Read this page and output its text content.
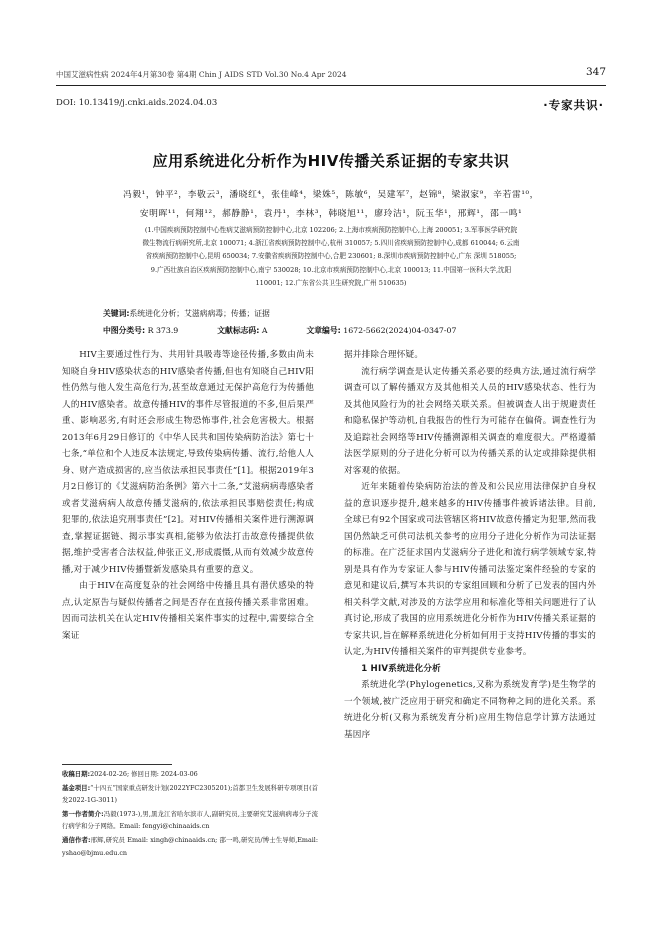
中国艾滋病性病 2024年4月第30卷 第4期 Chin J AIDS STD Vol.30 No.4 Apr 2024	347
DOI: 10.13419/j.cnki.aids.2024.04.03	·专家共识·
应用系统进化分析作为HIV传播关系证据的专家共识
冯毅¹，钟平²，李敬云³，潘晓红⁴，张佳峰⁴，梁姝⁵，陈敏⁶，吴建军⁷，赵锦⁸，梁淑家⁹，辛若雷¹⁰，
安明晖¹¹，何翔¹²，郝静静¹，袁丹¹，李林³，韩晓旭¹¹，廖玲洁¹，阮玉华¹，邢辉¹，邵一鸣¹
(1.中国疾病预防控制中心性病艾滋病预防控制中心,北京 102206; 2.上海市疾病预防控制中心,上海 200051; 3.军事医学研究院
微生物流行病研究所,北京 100071; 4.浙江省疾病预防控制中心,杭州 310057; 5.四川省疾病预防控制中心,成都 610044; 6.云南
省疾病预防控制中心,昆明 650034; 7.安徽省疾病预防控制中心,合肥 230601; 8.深圳市疾病预防控制中心,广东 深圳 518055;
9.广西壮族自治区疾病预防控制中心,南宁 530028; 10.北京市疾病预防控制中心,北京 100013; 11.中国第一医科大学,沈阳
110001; 12.广东省公共卫生研究院,广州 510635)
关键词:系统进化分析；艾滋病病毒；传播；证据
中图分类号: R 373.9	文献标志码: A	文章编号: 1672-5662(2024)04-0347-07

HIV主要通过性行为、共用针具吸毒等途径传播,多数由尚未知晓自身HIV感染状态的HIV感染者传播,但也有知晓自己HIV阳性仍然与他人发生高危行为,甚至故意通过无保护高危行为传播他人的HIV感染者。故意传播HIV的事件尽管报道的不多,但后果严重、影响恶劣,有时还会形成生物恐怖事件,社会危害极大。根据2013年6月29日修订的《中华人民共和国传染病防治法》第七十七条,“单位和个人违反本法规定,导致传染病传播、流行,给他人人身、财产造成损害的,应当依法承担民事责任”[1]。根据2019年3月2日修订的《艾滋病防治条例》第六十二条,“艾滋病病毒感染者或者艾滋病病人故意传播艾滋病的,依法承担民事赔偿责任;构成犯罪的,依法追究刑事责任”[2]。对HIV传播相关案件进行溯源调查,掌握证据链、揭示事实真相,能够为依法打击故意传播提供依据,维护受害者合法权益,伸张正义,形成震慑,从而有效减少故意传播,对于减少HIV传播暨新发感染具有重要的意义。

由于HIV在高度复杂的社会网络中传播且具有潜伏感染的特点,认定原告与疑似传播者之间是否存在直接传播关系非常困难。因而司法机关在认定HIV传播相关案件事实的过程中,需要综合全案证

据并排除合理怀疑。

流行病学调查是认定传播关系必要的经典方法,通过流行病学调查可以了解传播双方及其他相关人员的HIV感染状态、性行为及其他风险行为的社会网络关联关系。但被调查人出于规避责任和隐私保护等动机,自我报告的性行为可能存在偏倚。调查性行为及追踪社会网络等HIV传播溯源相关调查的难度很大。严格遵循法医学原则的分子进化分析可以为传播关系的认定或排除提供相对客观的依据。

近年来随着传染病防治法的普及和公民应用法律保护自身权益的意识逐步提升,越来越多的HIV传播事件被诉诸法律。目前,全球已有92个国家或司法管辖区将HIV故意传播定为犯罪,然而我国仍然缺乏可供司法机关参考的应用分子进化分析作为司法证据的标准。在广泛征求国内艾滋病分子进化和流行病学领域专家,特别是具有作为专家证人参与HIV传播司法鉴定案件经验的专家的意见和建议后,撰写本共识的专家组回顾和分析了已发表的国内外相关科学文献,对涉及的方法学应用和标准化等相关问题进行了认真讨论,形成了我国的应用系统进化分析作为HIV传播关系证据的专家共识,旨在解释系统进化分析如何用于支持HIV传播的事实的认定,为HIV传播相关案件的审判提供专业参考。

1 HIV系统进化分析

系统进化学(Phylogenetics,又称为系统发育学)是生物学的一个领域,被广泛应用于研究和确定不同物种之间的进化关系。系统进化分析(又称为系统发育分析)应用生物信息学计算方法通过基因序

收稿日期:2024-02-26; 修回日期: 2024-03-06

基金项目:“十四五”国家重点研发计划(2022YFC2305201);首都卫生发展科研专项项目(首发2022-1G-3011)

第一作者简介:冯毅(1973-),男,黑龙江省哈尔滨市人,副研究员,主要研究艾滋病病毒分子流行病学和分子网络。Email: fengyi@chinaaids.cn

通信作者:邢辉,研究员 Email: xingh@chinaaids.cn; 邵一鸣,研究员/博士生导师,Email: yshao@bjmu.edu.cn
